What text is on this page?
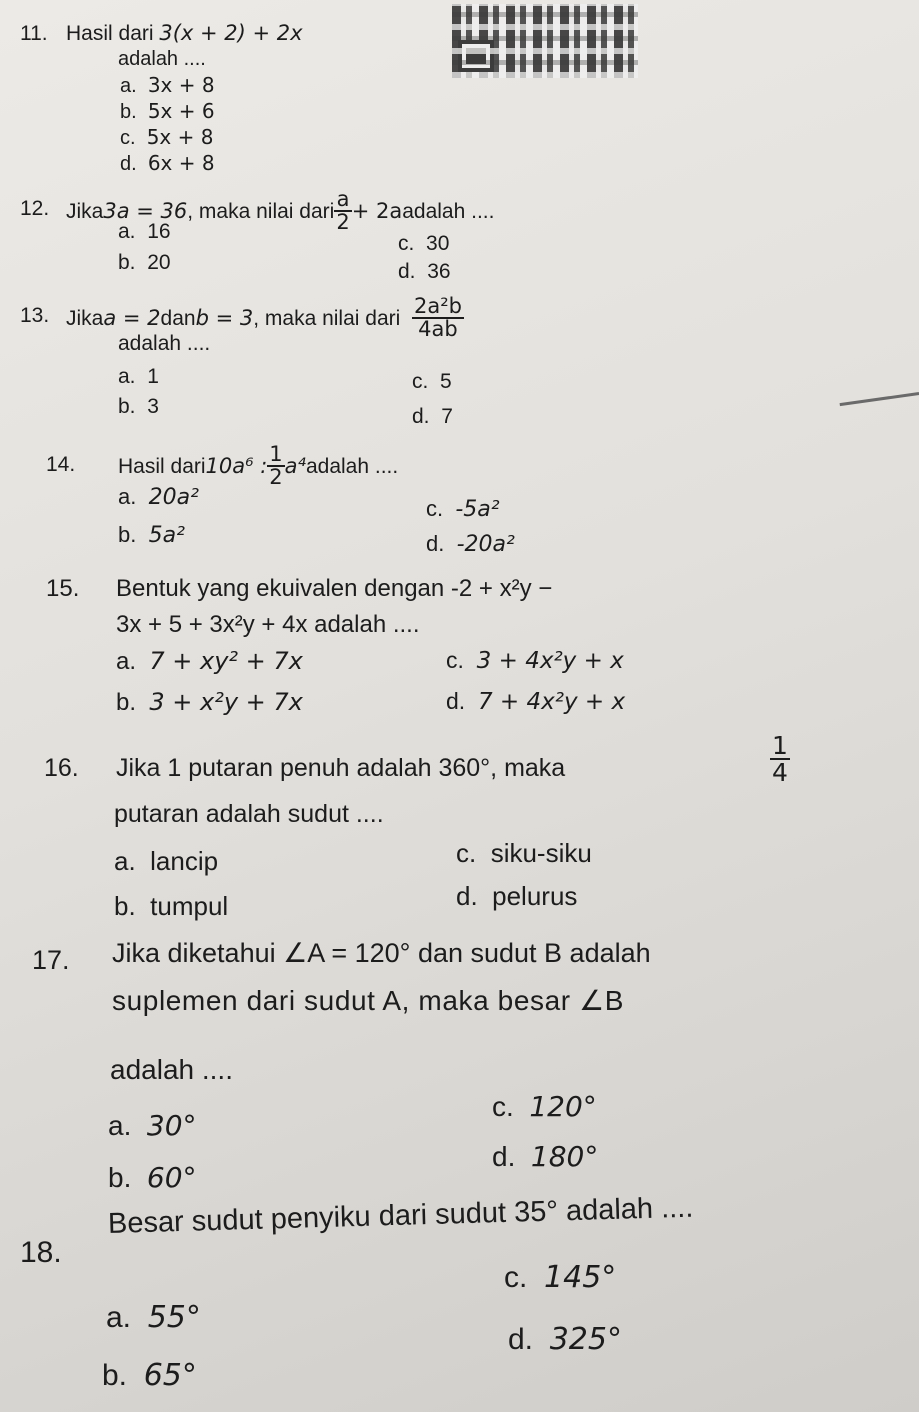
11. Hasil dari 3(x + 2) + 2x
adalah ....
a. 3x + 8
b. 5x + 6
c. 5x + 8
d. 6x + 8
12. Jika 3a = 36 , maka nilai dari $\frac{a}{2} + 2a$ adalah ....
a. 16
b. 20
c. 30
d. 36
13. Jika a = 2 dan b = 3 , maka nilai dari
$\frac{\text{2a²b}}{4ab}$
adalah ....
a. 1
b. 3
c. 5
d. 7
14. Hasil dari 10a⁶ : $\frac{1}{2} a^4$ adalah ....
a. 20a²
b. 5a²
c. -5a²
d. -20a²
15. Bentuk yang ekuivalen dengan -2 + x²y −
3x + 5 + 3x²y + 4x adalah ....
a. 7 + xy² + 7x
b. 3 + x²y + 7x
c. 3 + 4x²y + x
d. 7 + 4x²y + x
16. Jika 1 putaran penuh adalah 360°, maka	$\frac{1}{4}$
putaran adalah sudut ....
a. lancip
b. tumpul
c. siku-siku
d. pelurus
17. Jika diketahui ∠A = 120° dan sudut B adalah
suplemen dari sudut A, maka besar ∠B
adalah ....
a. 30°
b. 60°
c. 120°
d. 180°
18.
Besar sudut penyiku dari sudut 35° adalah ....
a. 55°
b. 65°
c. 145°
d. 325°
